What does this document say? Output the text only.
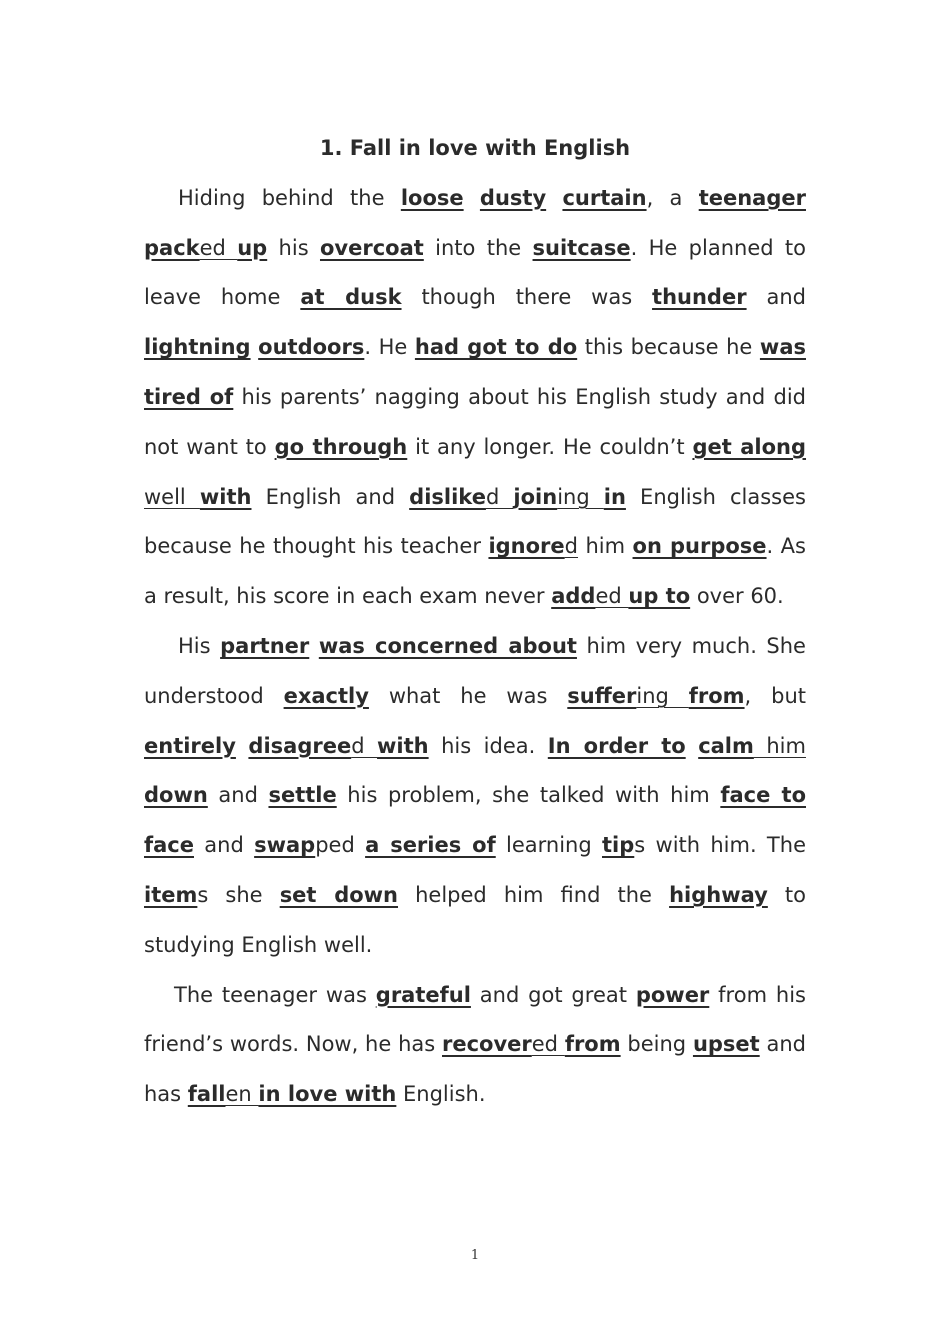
1. Fall in love with English

Hiding behind the loose dusty curtain, a teenager packed up his overcoat into the suitcase. He planned to leave home at dusk though there was thunder and lightning outdoors. He had got to do this because he was tired of his parents’ nagging about his English study and did not want to go through it any longer. He couldn’t get along well with English and disliked joining in English classes because he thought his teacher ignored him on purpose. As a result, his score in each exam never added up to over 60.

His partner was concerned about him very much. She understood exactly what he was suffering from, but entirely disagreed with his idea. In order to calm him down and settle his problem, she talked with him face to face and swapped a series of learning tips with him. The items she set down helped him find the highway to studying English well.

The teenager was grateful and got great power from his friend’s words. Now, he has recovered from being upset and has fallen in love with English.

1
